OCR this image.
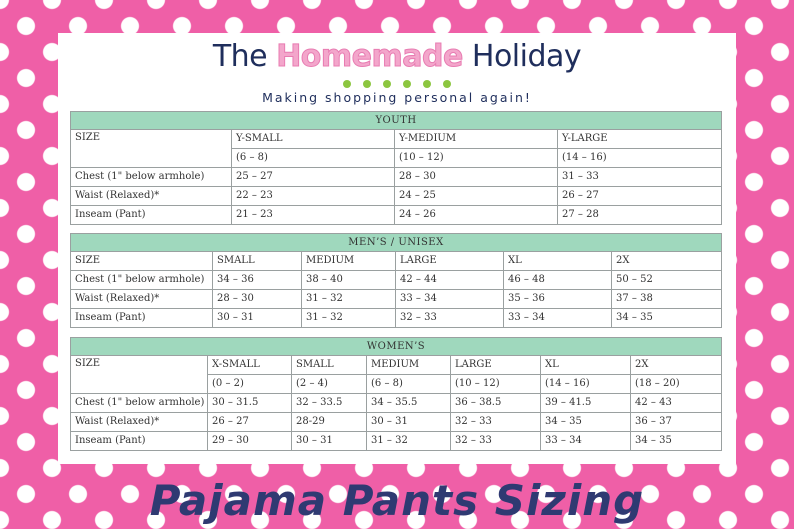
The Homemade Holiday
Making shopping personal again!
YOUTH			
SIZE	Y-SMALL	Y-MEDIUM	Y-LARGE
	(6 – 8)	(10 – 12)	(14 – 16)
Chest (1" below armhole)	25 – 27	28 – 30	31 – 33
Waist (Relaxed)*	22 – 23	24 – 25	26 – 27
Inseam (Pant)	21 – 23	24 – 26	27 – 28
MEN’S / UNISEX					
SIZE	SMALL	MEDIUM	LARGE	XL	2X
Chest (1" below armhole)	34 – 36	38 – 40	42 – 44	46 – 48	50 – 52
Waist (Relaxed)*	28 – 30	31 – 32	33 – 34	35 – 36	37 – 38
Inseam (Pant)	30 – 31	31 – 32	32 – 33	33 – 34	34 – 35
WOMEN’S						
SIZE	X-SMALL	SMALL	MEDIUM	LARGE	XL	2X
	(0 – 2)	(2 – 4)	(6 – 8)	(10 – 12)	(14 – 16)	(18 – 20)
Chest (1" below armhole)	30 – 31.5	32 – 33.5	34 – 35.5	36 – 38.5	39 – 41.5	42 – 43
Waist (Relaxed)*	26 – 27	28-29	30 – 31	32 – 33	34 – 35	36 – 37
Inseam (Pant)	29 – 30	30 – 31	31 – 32	32 – 33	33 – 34	34 – 35
Pajama Pants Sizing
